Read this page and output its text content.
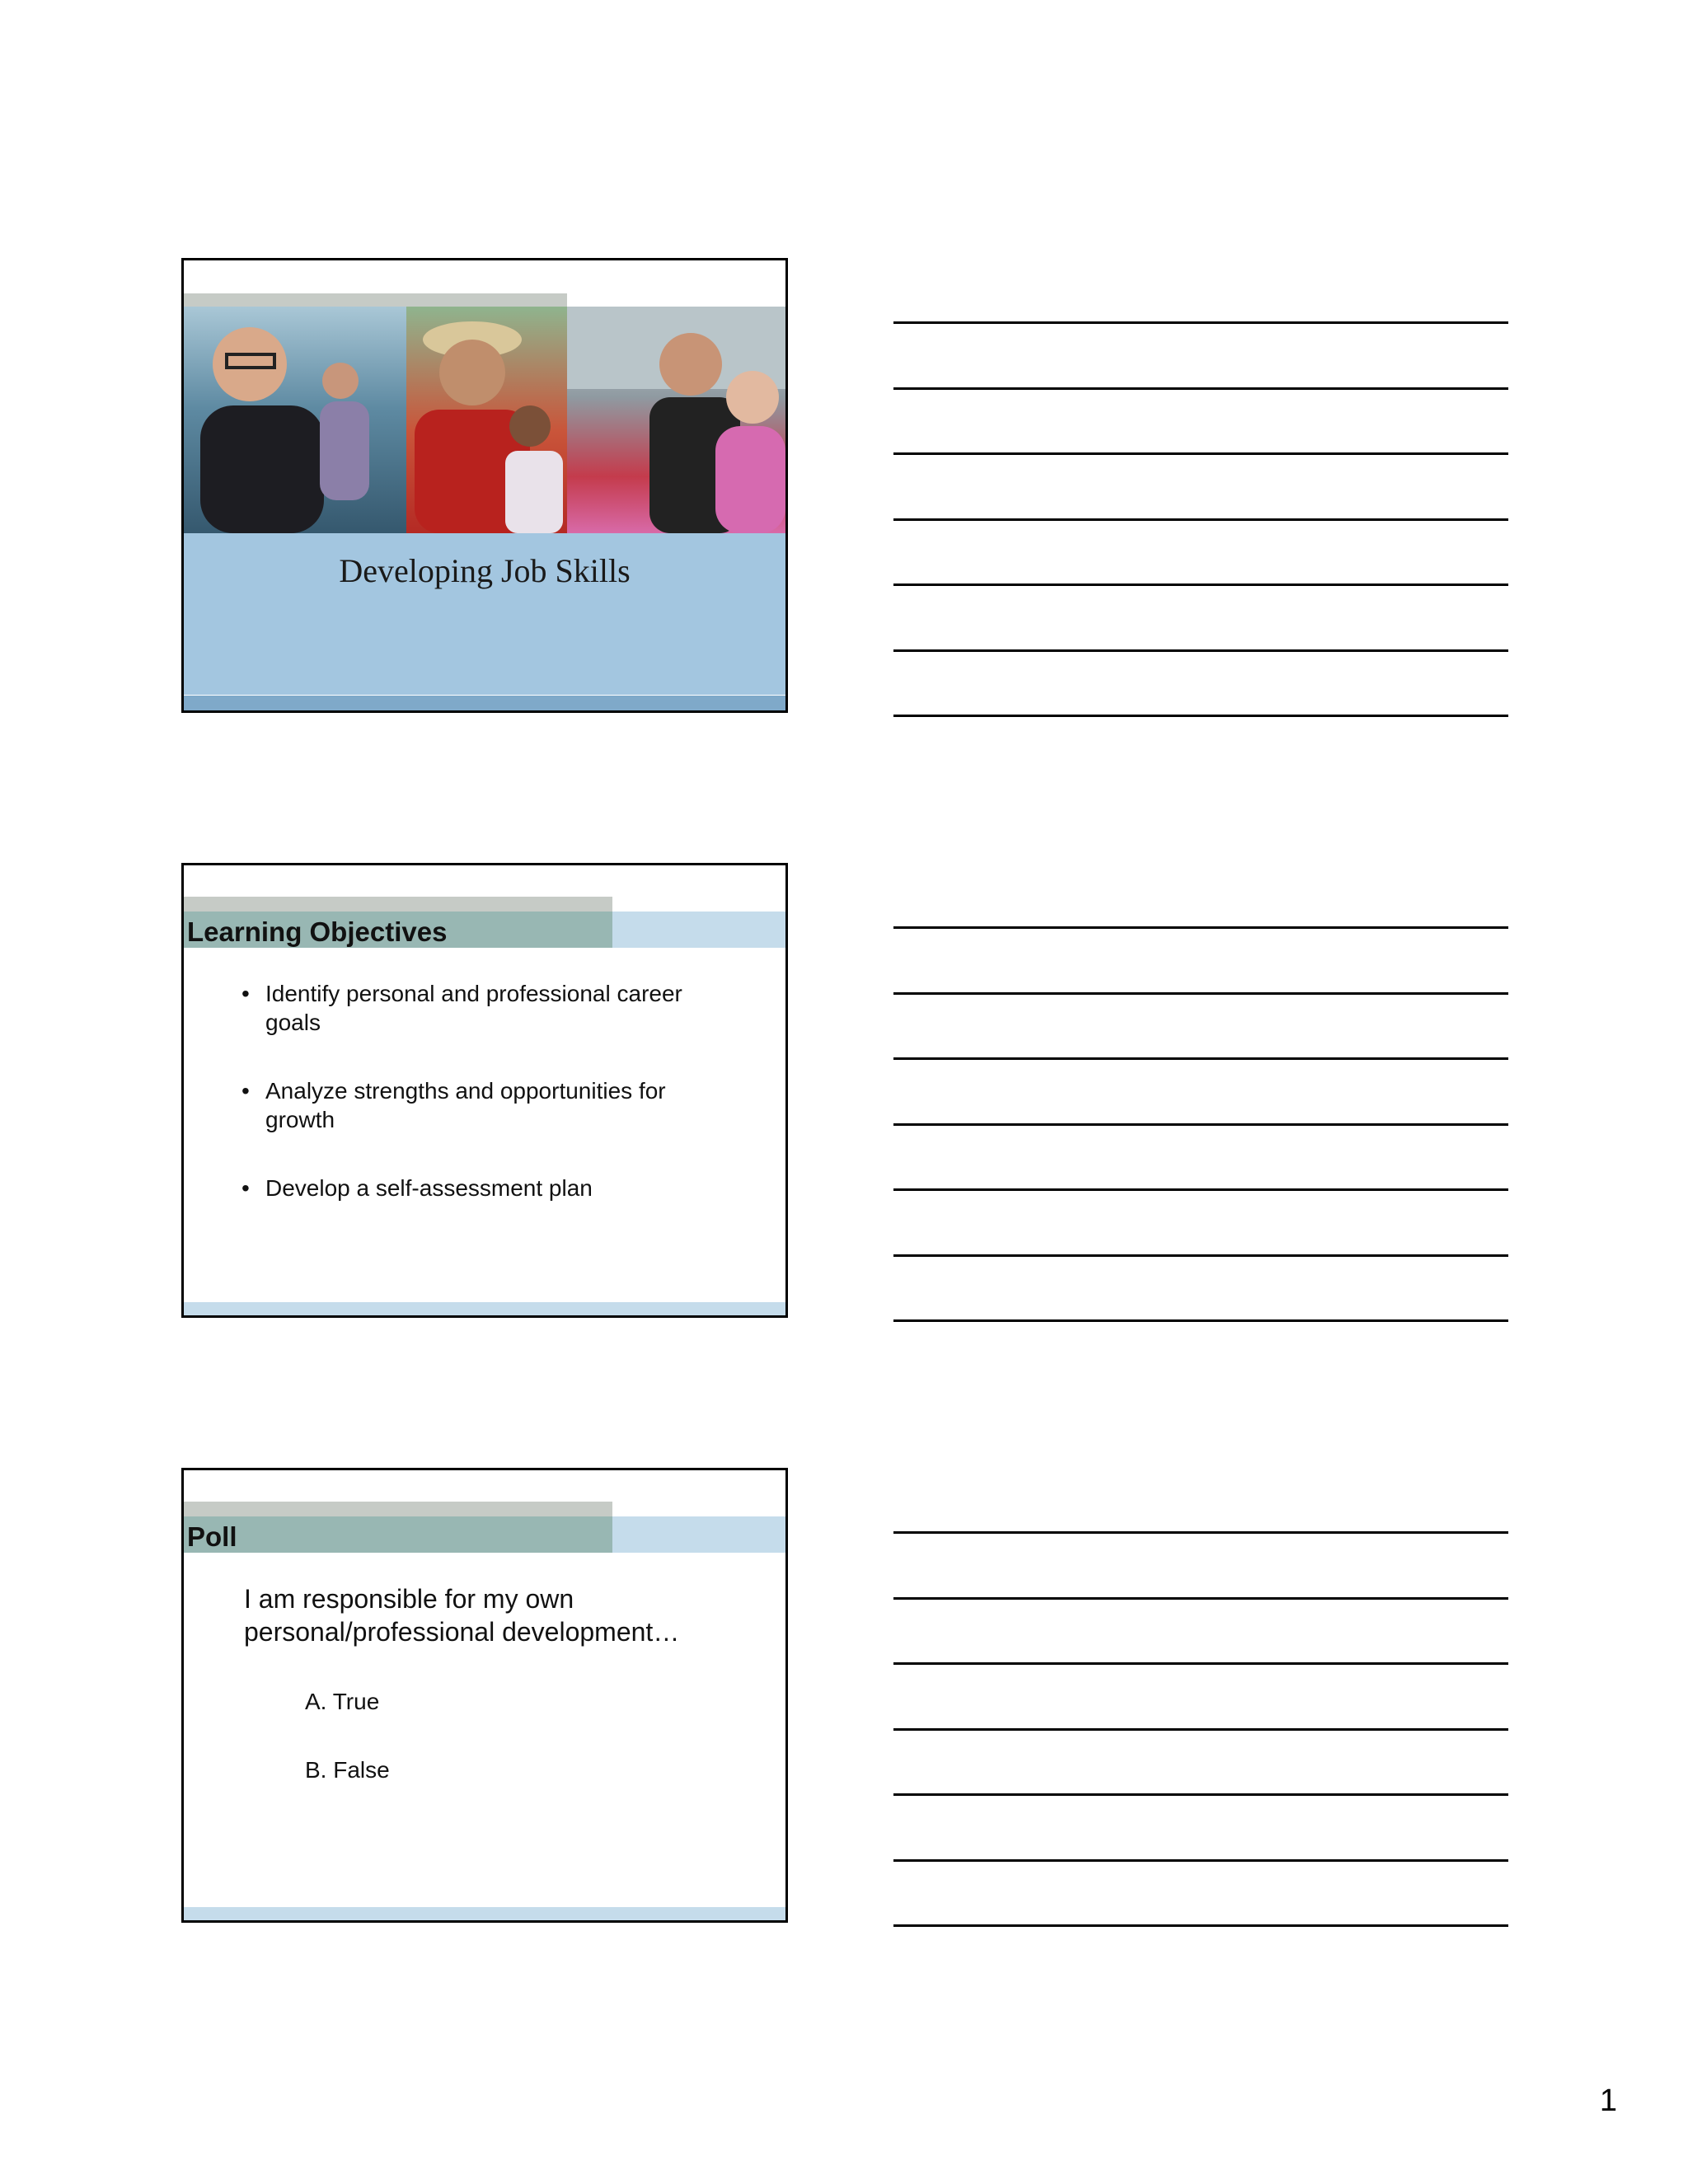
Developing Job Skills
Learning Objectives
• Identify personal and professional career goals
• Analyze strengths and opportunities for growth
• Develop a self-assessment plan
Poll
I am responsible for my own personal/professional development…
A. True
B. False
1
